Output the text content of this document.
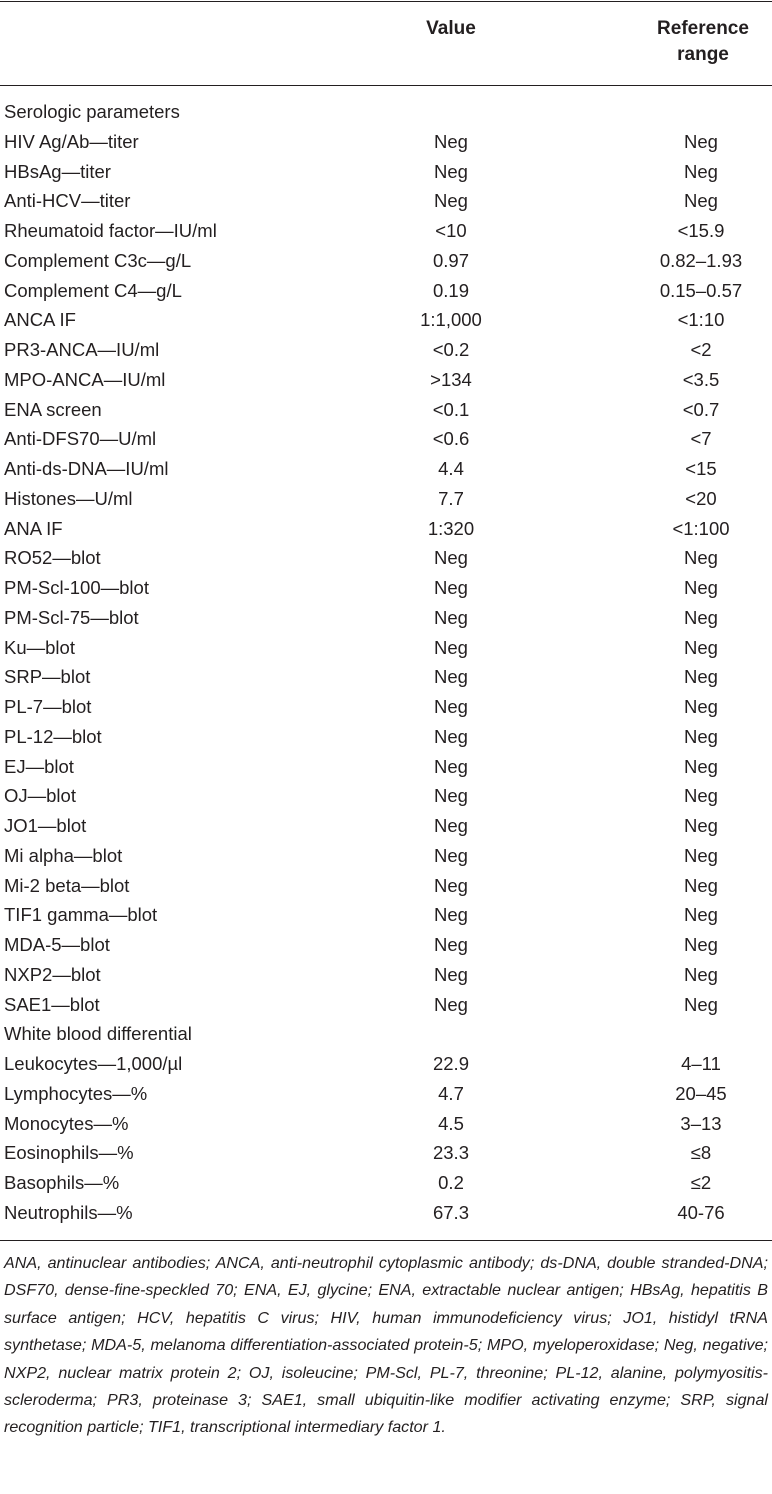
Value	Reference
range
Serologic parameters
HIV Ag/Ab—titer	Neg	Neg
HBsAg—titer	Neg	Neg
Anti-HCV—titer	Neg	Neg
Rheumatoid factor—IU/ml	<10	<15.9
Complement C3c—g/L	0.97	0.82–1.93
Complement C4—g/L	0.19	0.15–0.57
ANCA IF	1:1,000	<1:10
PR3-ANCA—IU/ml	<0.2	<2
MPO-ANCA—IU/ml	>134	<3.5
ENA screen	<0.1	<0.7
Anti-DFS70—U/ml	<0.6	<7
Anti-ds-DNA—IU/ml	4.4	<15
Histones—U/ml	7.7	<20
ANA IF	1:320	<1:100
RO52—blot	Neg	Neg
PM-Scl-100—blot	Neg	Neg
PM-Scl-75—blot	Neg	Neg
Ku—blot	Neg	Neg
SRP—blot	Neg	Neg
PL-7—blot	Neg	Neg
PL-12—blot	Neg	Neg
EJ—blot	Neg	Neg
OJ—blot	Neg	Neg
JO1—blot	Neg	Neg
Mi alpha—blot	Neg	Neg
Mi-2 beta—blot	Neg	Neg
TIF1 gamma—blot	Neg	Neg
MDA-5—blot	Neg	Neg
NXP2—blot	Neg	Neg
SAE1—blot	Neg	Neg
White blood differential
Leukocytes—1,000/µl	22.9	4–11
Lymphocytes—%	4.7	20–45
Monocytes—%	4.5	3–13
Eosinophils—%	23.3	≤8
Basophils—%	0.2	≤2
Neutrophils—%	67.3	40-76
ANA, antinuclear antibodies; ANCA, anti-neutrophil cytoplasmic antibody; ds-DNA, double stranded-DNA; DSF70, dense-fine-speckled 70; ENA, EJ, glycine; ENA, extractable nuclear antigen; HBsAg, hepatitis B surface antigen; HCV, hepatitis C virus; HIV, human immunodeficiency virus; JO1, histidyl tRNA synthetase; MDA-5, melanoma differentiation-associated protein-5; MPO, myeloperoxidase; Neg, negative; NXP2, nuclear matrix protein 2; OJ, isoleucine; PM-Scl, PL-7, threonine; PL-12, alanine, polymyositis-scleroderma; PR3, proteinase 3; SAE1, small ubiquitin-like modifier activating enzyme; SRP, signal recognition particle; TIF1, transcriptional intermediary factor 1.
